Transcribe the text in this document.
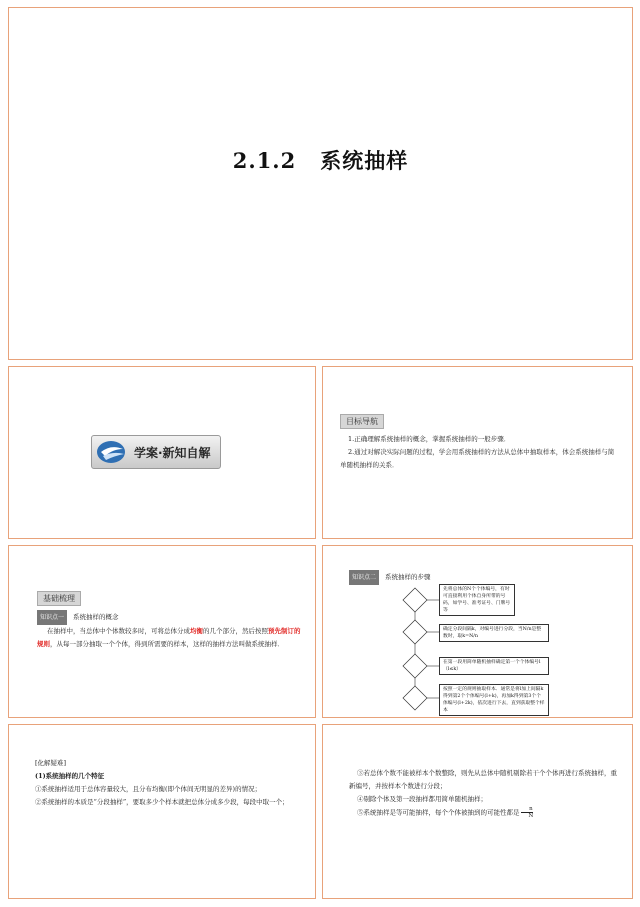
2.1.2 系统抽样
学案·新知自解
目标导航

1.正确理解系统抽样的概念，掌握系统抽样的一般步骤．

2.通过对解决实际问题的过程，学会用系统抽样的方法从总体中抽取样本，体会系统抽样与简单随机抽样的关系．

基础梳理
知识点一 系统抽样的概念

在抽样中，当总体中个体数较多时，可将总体分成均衡的几个部分，然后按照预先制订的规则，从每一部分抽取一个个体，得到所需要的样本，这样的抽样方法叫做系统抽样．

知识点二 系统抽样的步骤
先将总体的N个个体编号，有时可直接利用个体自身所带的号码，如学号、准考证号、门牌号等
确定分段间隔k，对编号进行分段，当N/n是整数时，取k=N/n
在第一段用简单随机抽样确定第一个个体编号l（l≤k）
按照一定的规则抽取样本．通常是将l加上间隔k得到第2个个体编号(l+k)，再加k得到第3个个体编号(l+2k)，依次进行下去，直到获取整个样本

[化解疑难]

(1)系统抽样的几个特征

①系统抽样适用于总体容量较大，且分布均衡(即个体间无明显的差异)的情况；

②系统抽样的本质是“分段抽样”，要取多少个样本就把总体分成多少段，每段中取一个；

③若总体个数不能被样本个数整除，则先从总体中随机剔除若干个个体再进行系统抽样，重新编号，并按样本个数进行分段；

④剔除个体及第一段抽样都用简单随机抽样；

⑤系统抽样是等可能抽样，每个个体被抽到的可能性都是 $\frac{n}{N}$
